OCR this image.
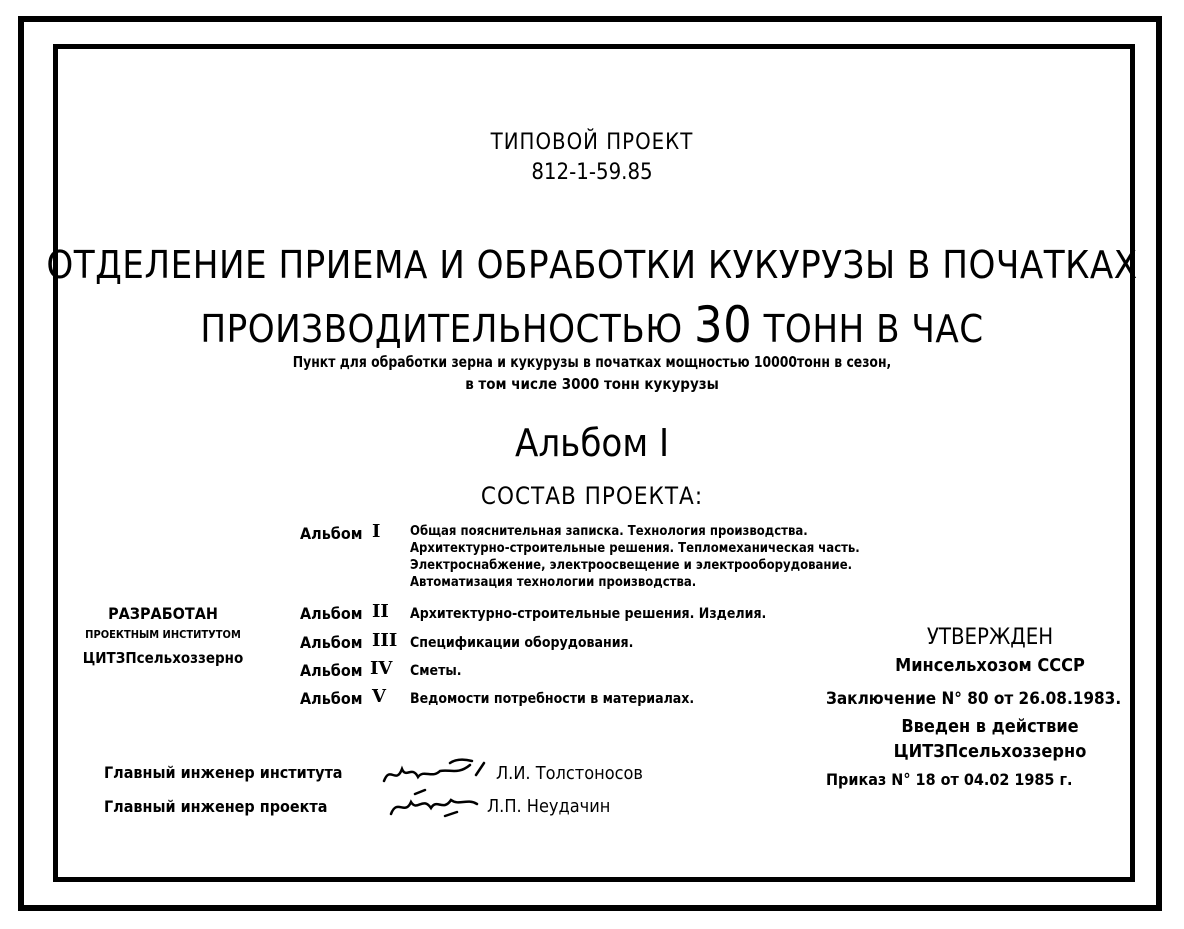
ТИПОВОЙ ПРОЕКТ
812-1-59.85
ОТДЕЛЕНИЕ ПРИЕМА И ОБРАБОТКИ КУКУРУЗЫ В ПОЧАТКАХ
ПРОИЗВОДИТЕЛЬНОСТЬЮ 30 ТОНН В ЧАС
Пункт для обработки зерна и кукурузы в початках мощностью 10000тонн в сезон,
в том числе 3000 тонн кукурузы
Альбом I
СОСТАВ ПРОЕКТА:
Альбом I Общая пояснительная записка. Технология производства.
Архитектурно-строительные решения. Тепломеханическая часть.
Электроснабжение, электроосвещение и электрооборудование.
Автоматизация технологии производства.
Альбом II Архитектурно-строительные решения. Изделия.
Альбом III Спецификации оборудования.
Альбом IV Сметы.
Альбом V Ведомости потребности в материалах.
РАЗРАБОТАН
ПРОЕКТНЫМ ИНСТИТУТОМ
ЦИТЗПсельхоззерно
УТВЕРЖДЕН
Минсельхозом СССР
Заключение N° 80 от 26.08.1983.
Введен в действие
ЦИТЗПсельхоззерно
Приказ N° 18 от 04.02 1985 г.
Главный инженер института	Л.И. Толстоносов
Главный инженер проекта	Л.П. Неудачин
